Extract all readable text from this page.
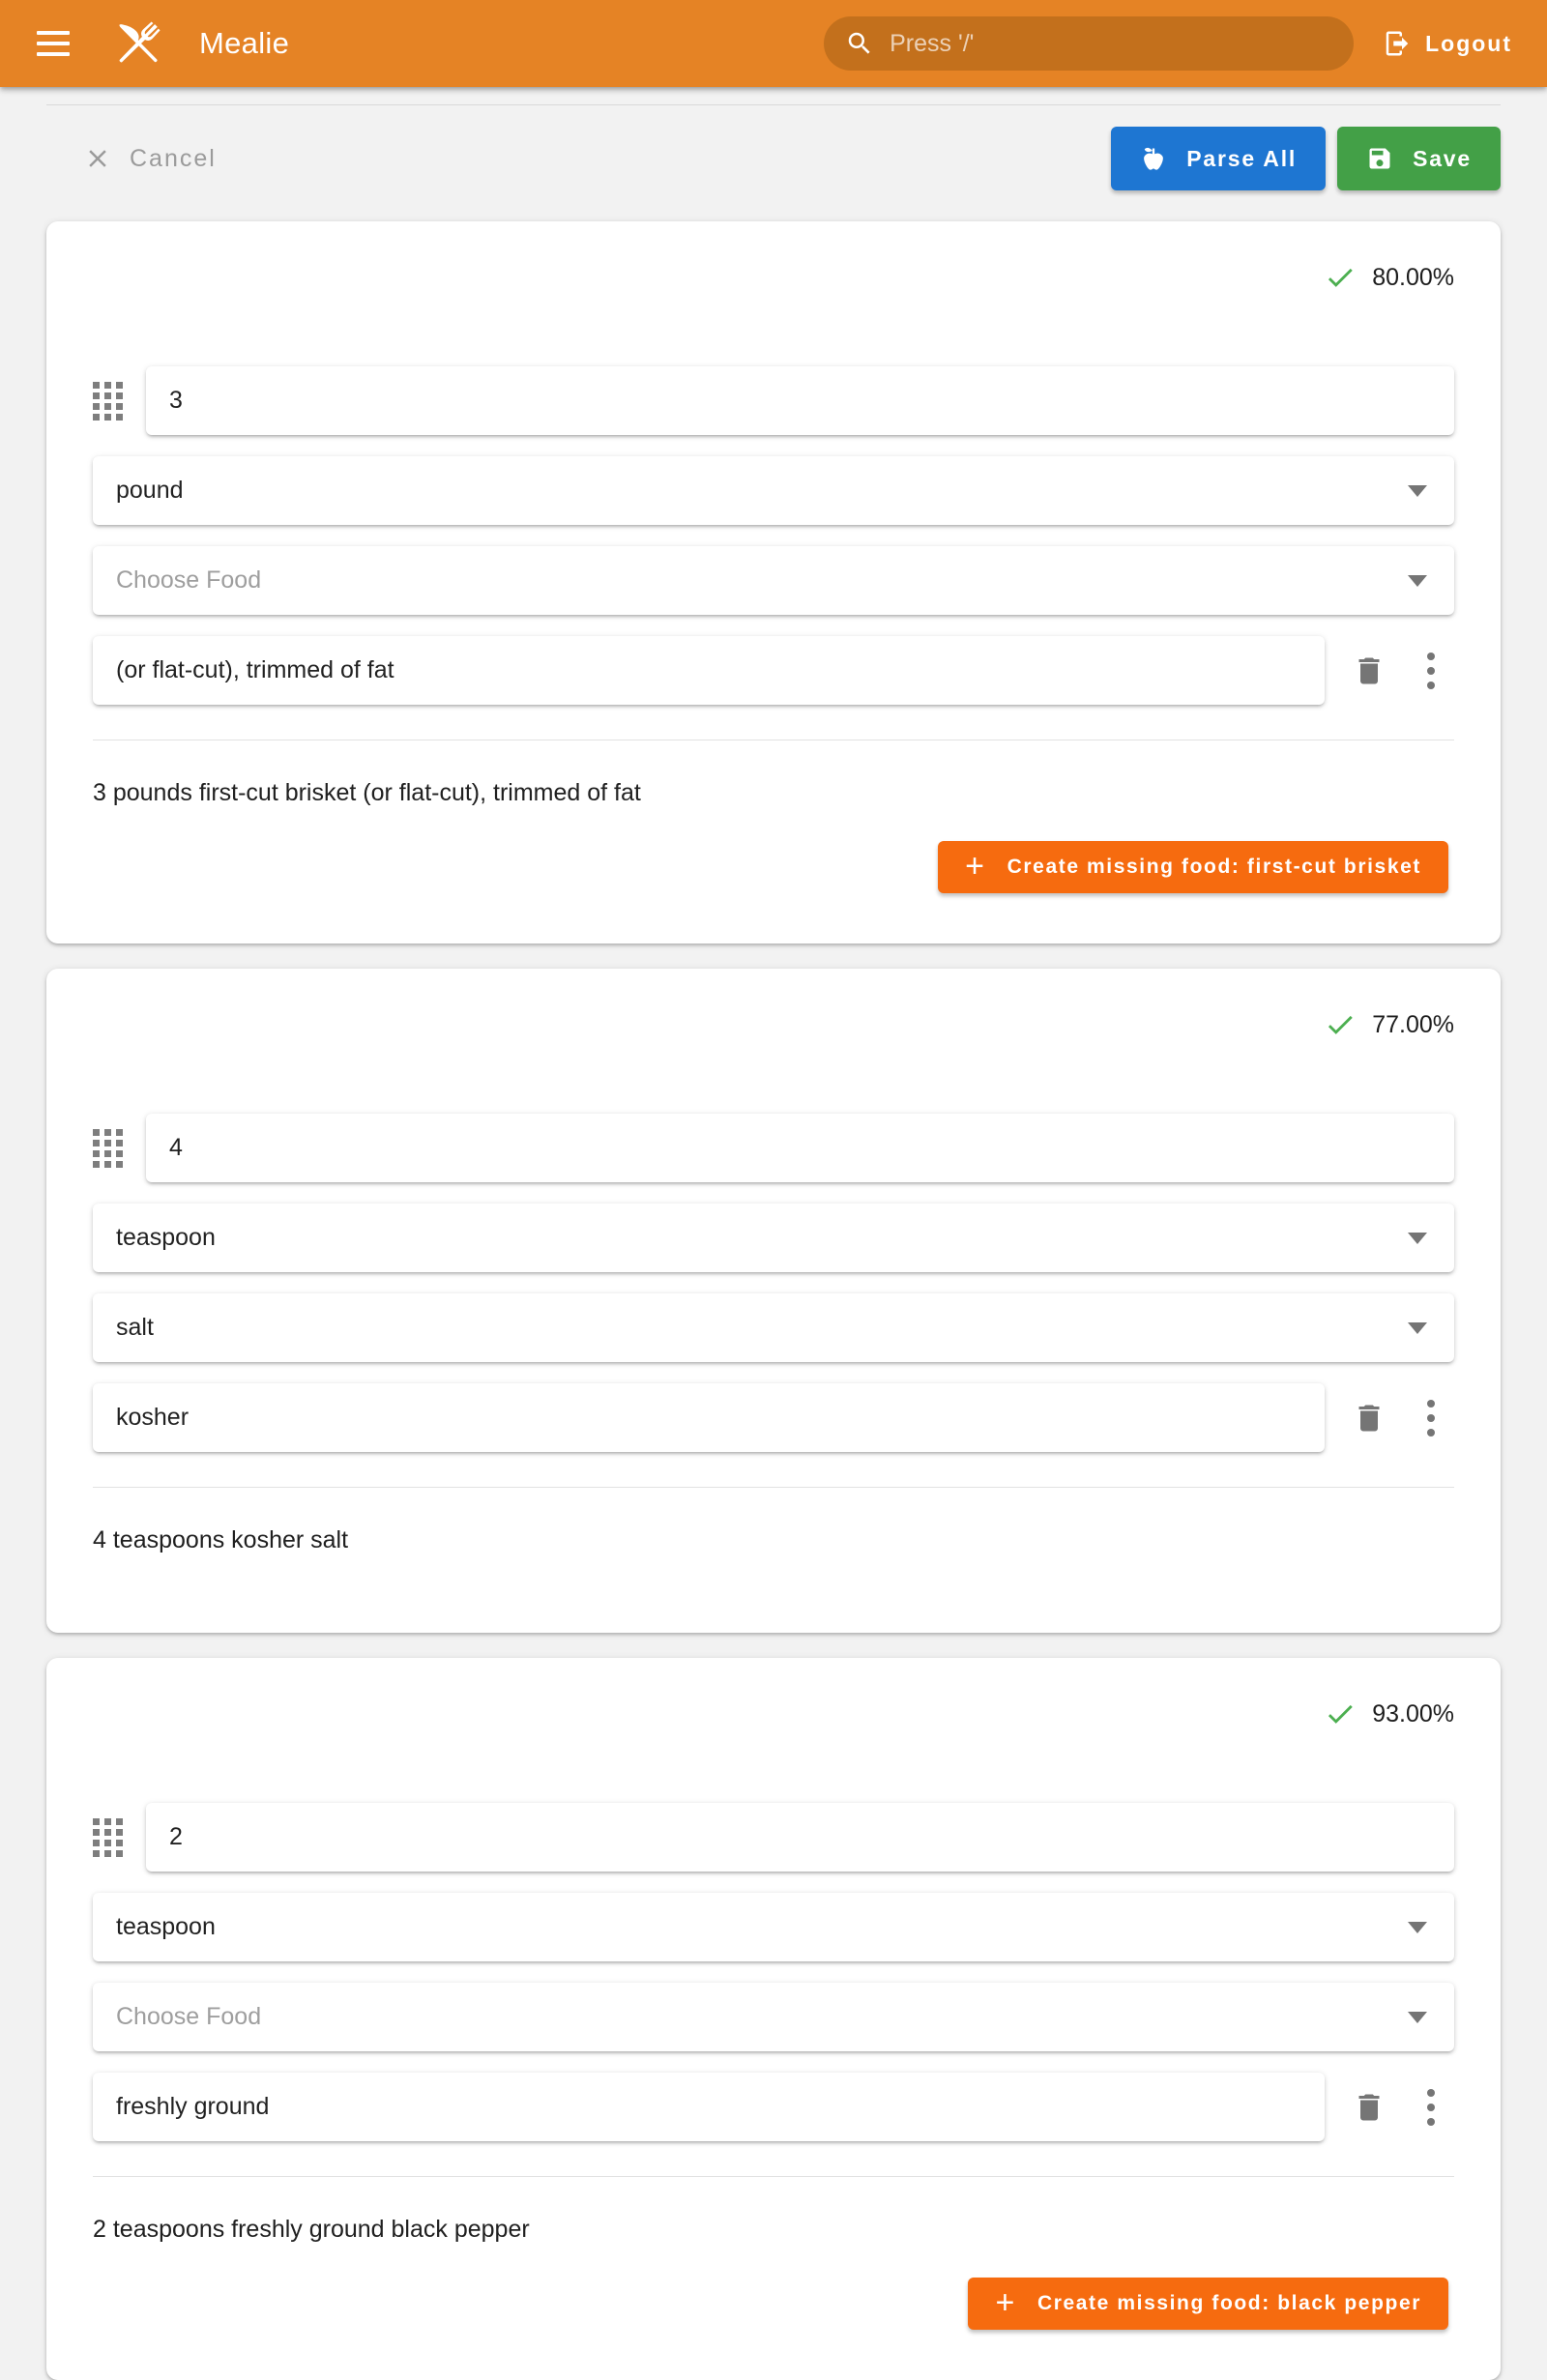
Mealie	Press '/'	Logout
Cancel	Parse All	Save
80.00%
3
pound
Choose Food
(or flat-cut), trimmed of fat

3 pounds first-cut brisket (or flat-cut), trimmed of fat

+ Create missing food: first-cut brisket
77.00%
4
teaspoon
salt
kosher

4 teaspoons kosher salt

93.00%
2
teaspoon
Choose Food
freshly ground

2 teaspoons freshly ground black pepper

+ Create missing food: black pepper
